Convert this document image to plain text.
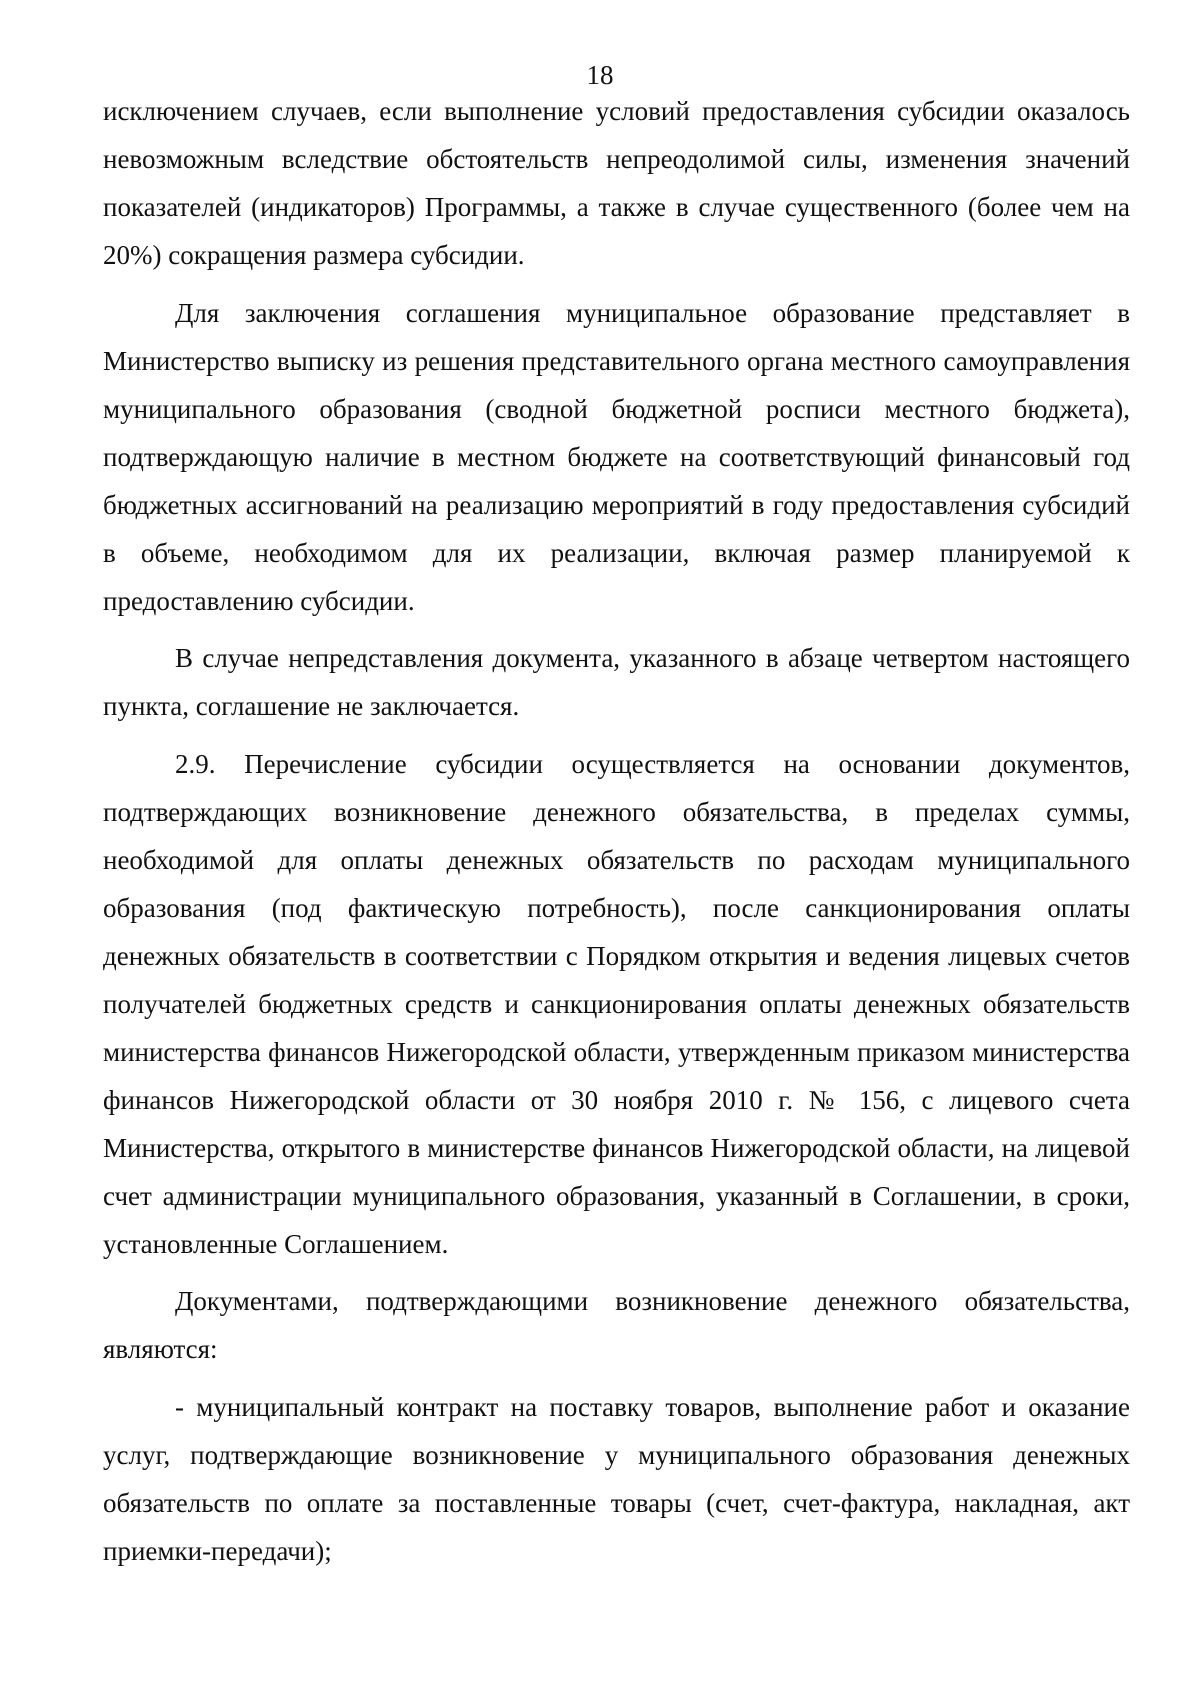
18

исключением случаев, если выполнение условий предоставления субсидии оказалось невозможным вследствие обстоятельств непреодолимой силы, изменения значений показателей (индикаторов) Программы, а также в случае существенного (более чем на 20%) сокращения размера субсидии.

Для заключения соглашения муниципальное образование представляет в Министерство выписку из решения представительного органа местного самоуправления муниципального образования (сводной бюджетной росписи местного бюджета), подтверждающую наличие в местном бюджете на соответствующий финансовый год бюджетных ассигнований на реализацию мероприятий в году предоставления субсидий в объеме, необходимом для их реализации, включая размер планируемой к предоставлению субсидии.

В случае непредставления документа, указанного в абзаце четвертом настоящего пункта, соглашение не заключается.

2.9. Перечисление субсидии осуществляется на основании документов, подтверждающих возникновение денежного обязательства, в пределах суммы, необходимой для оплаты денежных обязательств по расходам муниципального образования (под фактическую потребность), после санкционирования оплаты денежных обязательств в соответствии с Порядком открытия и ведения лицевых счетов получателей бюджетных средств и санкционирования оплаты денежных обязательств министерства финансов Нижегородской области, утвержденным приказом министерства финансов Нижегородской области от 30 ноября 2010 г. № 156, с лицевого счета Министерства, открытого в министерстве финансов Нижегородской области, на лицевой счет администрации муниципального образования, указанный в Соглашении, в сроки, установленные Соглашением.

Документами, подтверждающими возникновение денежного обязательства, являются:

- муниципальный контракт на поставку товаров, выполнение работ и оказание услуг, подтверждающие возникновение у муниципального образования денежных обязательств по оплате за поставленные товары (счет, счет-фактура, накладная, акт приемки-передачи);
